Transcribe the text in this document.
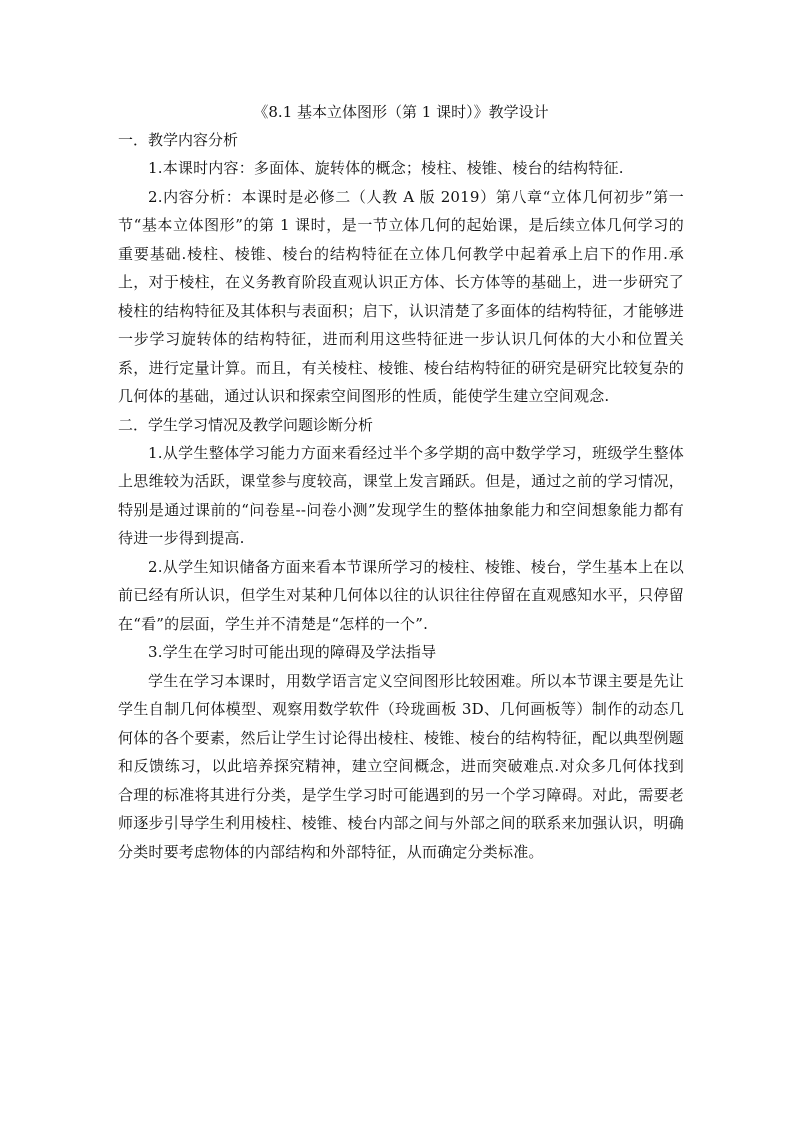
《8.1 基本立体图形（第 1 课时）》教学设计

一．教学内容分析

1.本课时内容：多面体、旋转体的概念；棱柱、棱锥、棱台的结构特征.

2.内容分析：本课时是必修二（人教 A 版 2019）第八章“立体几何初步”第一节“基本立体图形”的第 1 课时，是一节立体几何的起始课，是后续立体几何学习的重要基础.棱柱、棱锥、棱台的结构特征在立体几何教学中起着承上启下的作用.承上，对于棱柱，在义务教育阶段直观认识正方体、长方体等的基础上，进一步研究了棱柱的结构特征及其体积与表面积；启下，认识清楚了多面体的结构特征，才能够进一步学习旋转体的结构特征，进而利用这些特征进一步认识几何体的大小和位置关系，进行定量计算。而且，有关棱柱、棱锥、棱台结构特征的研究是研究比较复杂的几何体的基础，通过认识和探索空间图形的性质，能使学生建立空间观念.

二．学生学习情况及教学问题诊断分析

1.从学生整体学习能力方面来看经过半个多学期的高中数学学习，班级学生整体上思维较为活跃，课堂参与度较高，课堂上发言踊跃。但是，通过之前的学习情况，特别是通过课前的“问卷星--问卷小测”发现学生的整体抽象能力和空间想象能力都有待进一步得到提高.

2.从学生知识储备方面来看本节课所学习的棱柱、棱锥、棱台，学生基本上在以前已经有所认识，但学生对某种几何体以往的认识往往停留在直观感知水平，只停留在“看”的层面，学生并不清楚是“怎样的一个”.

3.学生在学习时可能出现的障碍及学法指导

学生在学习本课时，用数学语言定义空间图形比较困难。所以本节课主要是先让学生自制几何体模型、观察用数学软件（玲珑画板 3D、几何画板等）制作的动态几何体的各个要素，然后让学生讨论得出棱柱、棱锥、棱台的结构特征，配以典型例题和反馈练习，以此培养探究精神，建立空间概念，进而突破难点.对众多几何体找到合理的标准将其进行分类，是学生学习时可能遇到的另一个学习障碍。对此，需要老师逐步引导学生利用棱柱、棱锥、棱台内部之间与外部之间的联系来加强认识，明确分类时要考虑物体的内部结构和外部特征，从而确定分类标准。
